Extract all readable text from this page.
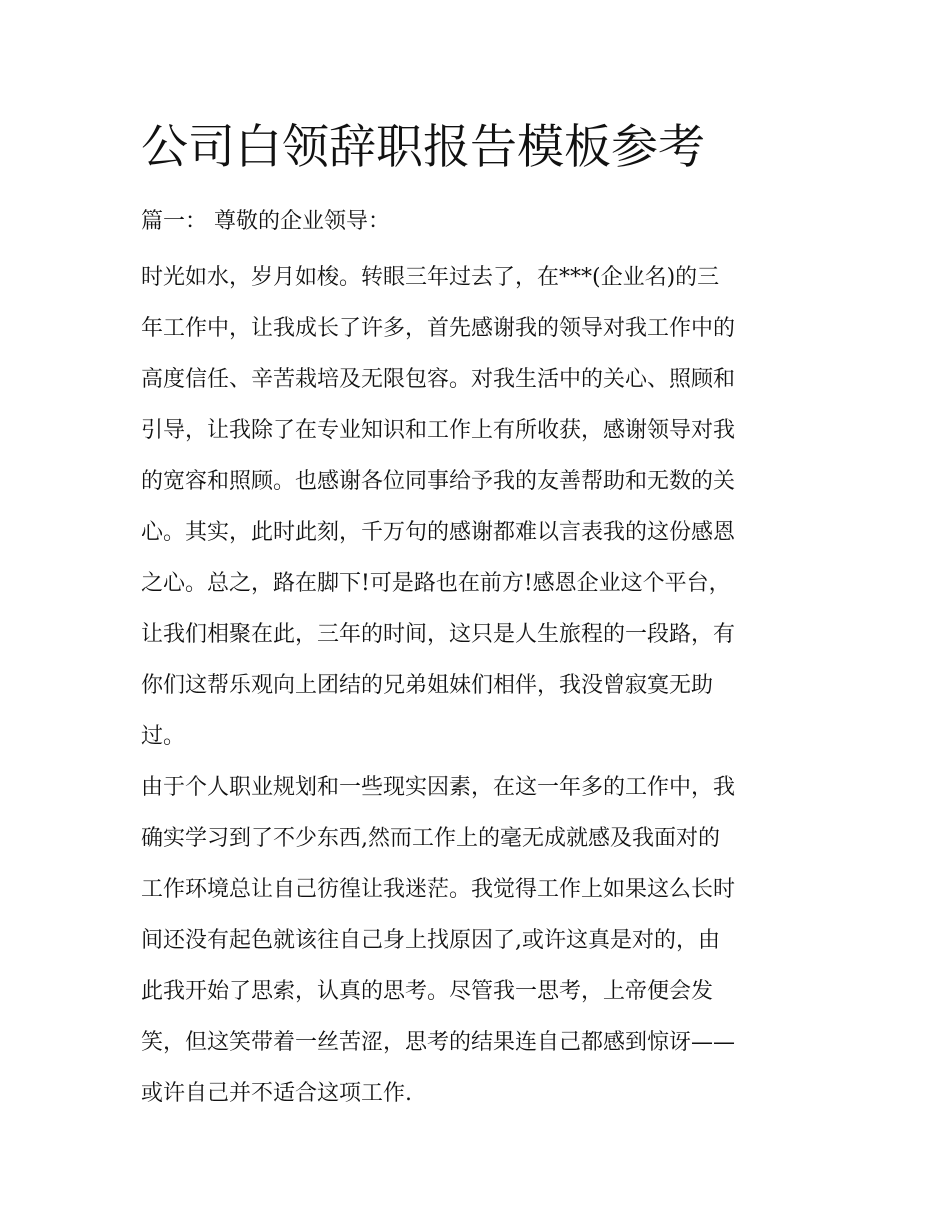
公司白领辞职报告模板参考

篇一： 尊敬的企业领导：

时光如水，岁月如梭。转眼三年过去了，在***(企业名)的三

年工作中，让我成长了许多，首先感谢我的领导对我工作中的

高度信任、辛苦栽培及无限包容。对我生活中的关心、照顾和

引导，让我除了在专业知识和工作上有所收获，感谢领导对我

的宽容和照顾。也感谢各位同事给予我的友善帮助和无数的关

心。其实，此时此刻，千万句的感谢都难以言表我的这份感恩

之心。总之，路在脚下!可是路也在前方!感恩企业这个平台，

让我们相聚在此，三年的时间，这只是人生旅程的一段路，有

你们这帮乐观向上团结的兄弟姐妹们相伴，我没曾寂寞无助

过。

由于个人职业规划和一些现实因素，在这一年多的工作中，我

确实学习到了不少东西,然而工作上的毫无成就感及我面对的

工作环境总让自己彷徨让我迷茫。我觉得工作上如果这么长时

间还没有起色就该往自己身上找原因了,或许这真是对的，由

此我开始了思索，认真的思考。尽管我一思考，上帝便会发

笑，但这笑带着一丝苦涩，思考的结果连自己都感到惊讶——

或许自己并不适合这项工作.
